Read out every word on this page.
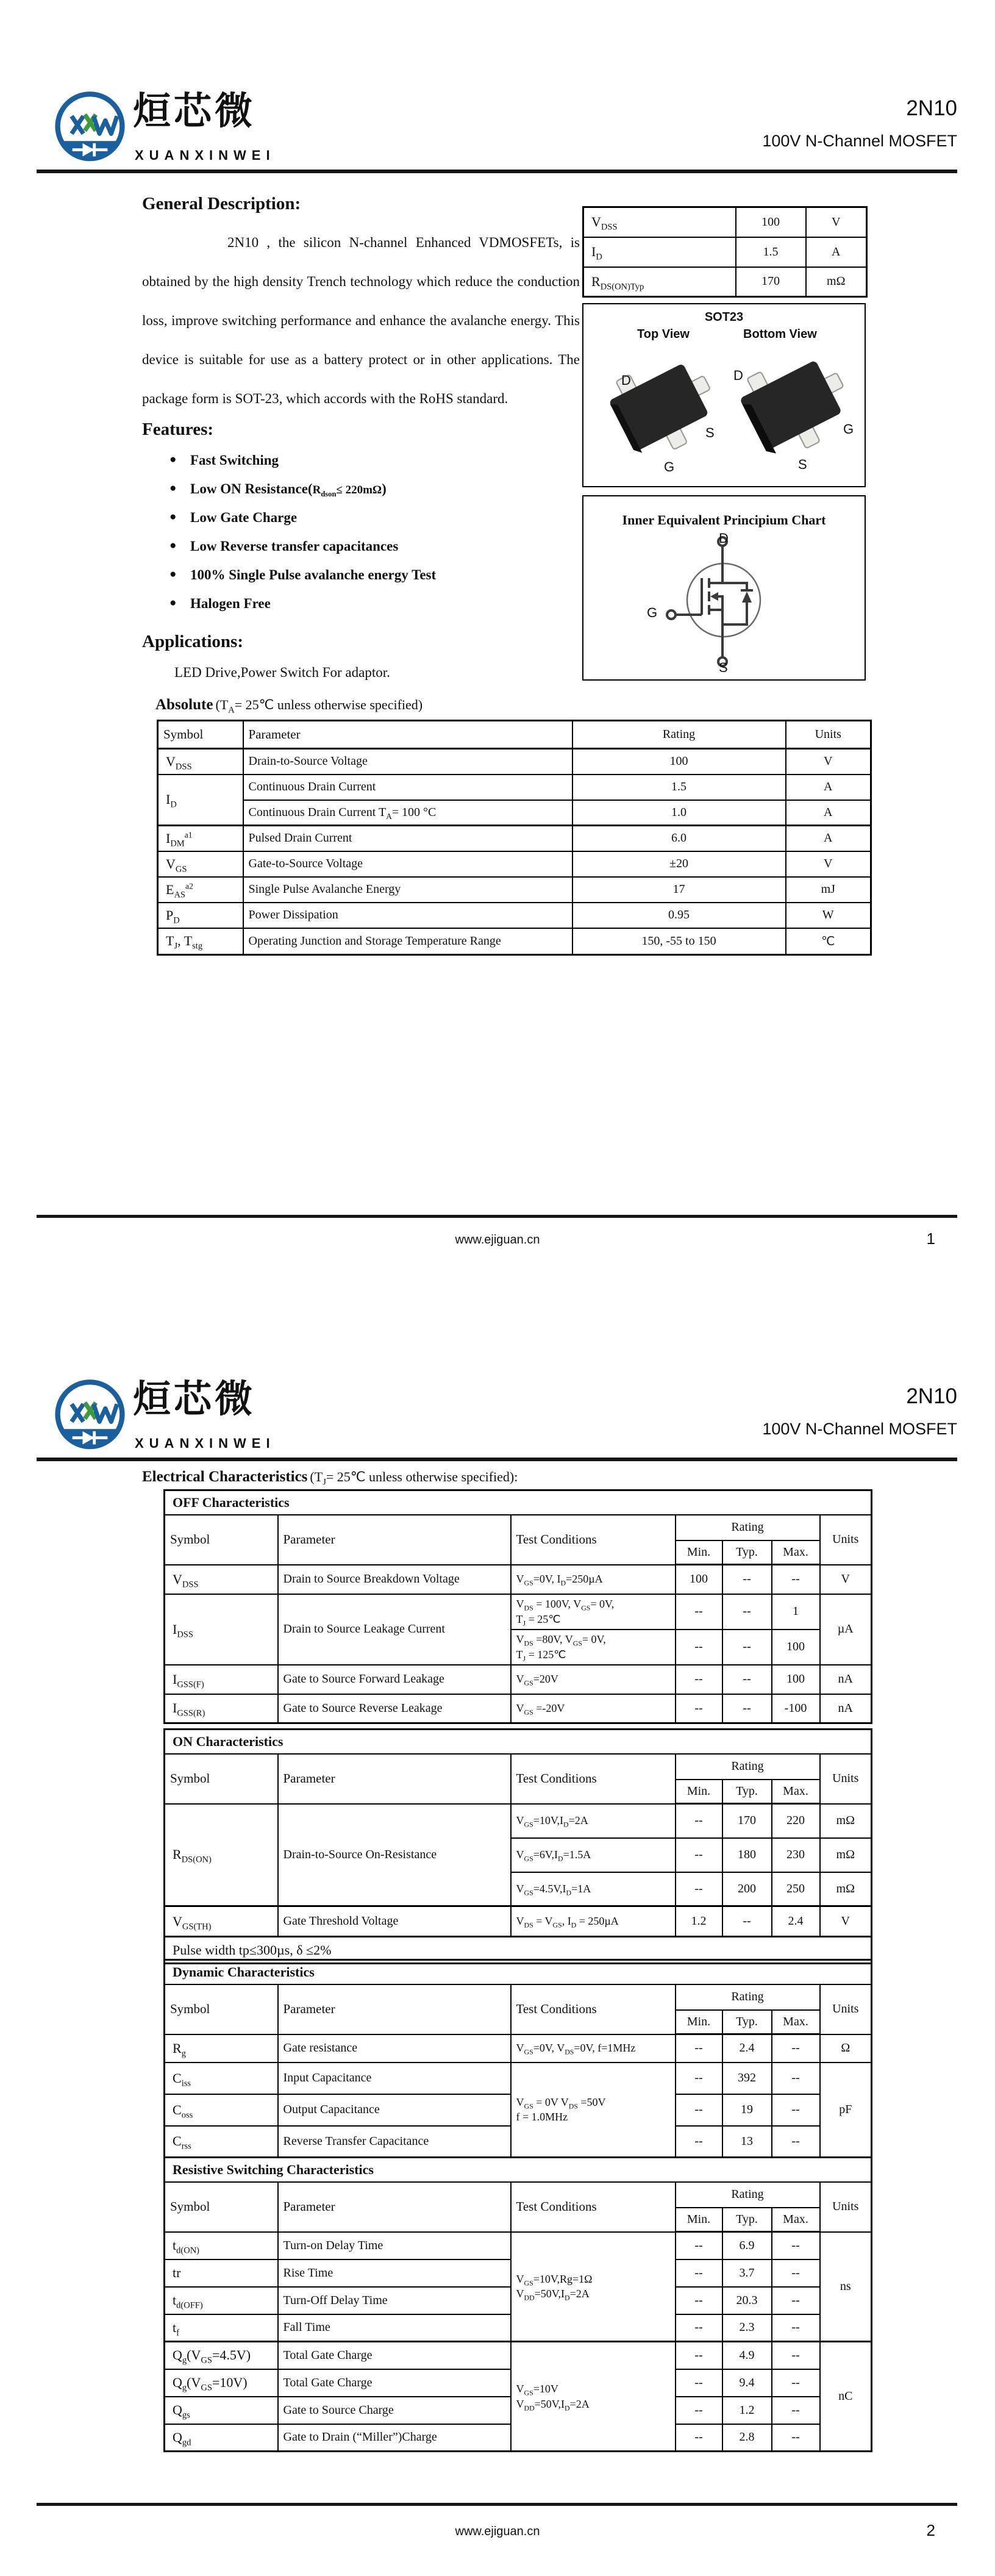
烜芯微
XUANXINWEI
2N10
100V N-Channel MOSFET
General Description:
2N10 , the silicon N-channel Enhanced VDMOSFETs, is obtained by the high density Trench technology which reduce the conduction loss, improve switching performance and enhance the avalanche energy. This device is suitable for use as a battery protect or in other applications. The package form is SOT-23, which accords with the RoHS standard.
$V_{DSS}$	100	V
$I_D$	1.5	A
$R_{DS(ON)Typ}$	170	mΩ
SOT23
Top View	Bottom View
D
S
G
D
G
S
Features:
● Fast Switching
● Low ON $Resistance(R_{dson}\le 220m\Omega)$
● Low Gate Charge
● Low Reverse transfer capacitances
● 100% Single Pulse avalanche energy Test
● Halogen Free
Applications:
LED Drive,Power Switch For adaptor.
Inner Equivalent Principium Chart
D
G
S
Absolute ($T_A=$ 25℃ unless otherwise specified)
Symbol	Parameter	Rating	Units
$V_{DSS}$	Drain-to-Source Voltage	100	V
$I_D$	Continuous Drain Current	1.5	A
	Continuous Drain Current $T_A= 100$ °C	1.0	A
$I_{DM}^{a1}$	Pulsed Drain Current	6.0	A
$V_{GS}$	Gate-to-Source Voltage	±20	V
$E_{AS}^{a2}$	Single Pulse Avalanche Energy	17	mJ
$P_D$	Power Dissipation	0.95	W
$T_J$, $T_{stg}$	Operating Junction and Storage Temperature Range	150, -55 to 150	℃
www.ejiguan.cn	1
烜芯微
XUANXINWEI
2N10
100V N-Channel MOSFET
Electrical Characteristics ($T_J=$ 25℃ unless otherwise specified):
OFF Characteristics						
Symbol	Parameter	Test Conditions	Rating			Units
			Min.	Typ.	Max.	
$V_{DSS}$	Drain to Source Breakdown Voltage	$V_{GS}=0V$, $I_D=250\mu A$	100	--	--	V
$I_{DSS}$	Drain to Source Leakage Current	$V_{DS} = 100V$, $V_{GS}= 0V$,
$T_J$ = 25℃	--	--	1	µA
		$V_{DS} =80V$, $V_{GS}= 0V$,
$T_J$ = 125℃	--	--	100	
$I_{GSS(F)}$	Gate to Source Forward Leakage	$V_{GS}=20V$	--	--	100	nA
$I_{GSS(R)}$	Gate to Source Reverse Leakage	$V_{GS} =-20V$	--	--	-100	nA
ON Characteristics						
Symbol	Parameter	Test Conditions	Rating			Units
			Min.	Typ.	Max.	
$R_{DS(ON)}$	Drain-to-Source On-Resistance	$V_{GS}=10V,I_D=2A$	--	170	220	mΩ
		$V_{GS}=6V,I_D=1.5A$	--	180	230	mΩ
		$V_{GS}=4.5V,I_D=1A$	--	200	250	mΩ
$V_{GS(TH)}$	Gate Threshold Voltage	$V_{DS} = V_{GS}$, $I_D = 250\mu A$	1.2	--	2.4	V
Pulse width tp≤300µs, δ ≤2%						
Dynamic Characteristics						
Symbol	Parameter	Test Conditions	Rating			Units
			Min.	Typ.	Max.	
$R_g$	Gate resistance	$V_{GS}=0V$, $V_{DS}=0V$, f=1MHz	--	2.4	--	Ω
$C_{iss}$	Input Capacitance	$V_{GS} = 0V$ $V_{DS} =50V$
f = 1.0MHz	--	392	--	pF
$C_{oss}$	Output Capacitance		--	19	--	
$C_{rss}$	Reverse Transfer Capacitance		--	13	--	
Resistive Switching Characteristics						
Symbol	Parameter	Test Conditions	Rating			Units
			Min.	Typ.	Max.	
$t_{d(ON)}$	Turn-on Delay Time	$V_{GS}=10V,Rg=1\Omega$
$V_{DD}=50V,I_D=2A$	--	6.9	--	ns
tr	Rise Time		--	3.7	--	
$t_{d(OFF)}$	Turn-Off Delay Time		--	20.3	--	
$t_f$	Fall Time		--	2.3	--	
$Q_g(V_{GS}=4.5V)$	Total Gate Charge	$V_{GS}=10V$
$V_{DD}=50V,I_D=2A$	--	4.9	--	nC
$Q_g(V_{GS}=10V)$	Total Gate Charge		--	9.4	--	
$Q_{gs}$	Gate to Source Charge		--	1.2	--	
$Q_{gd}$	Gate to Drain (“Miller”)Charge		--	2.8	--	
www.ejiguan.cn	2
